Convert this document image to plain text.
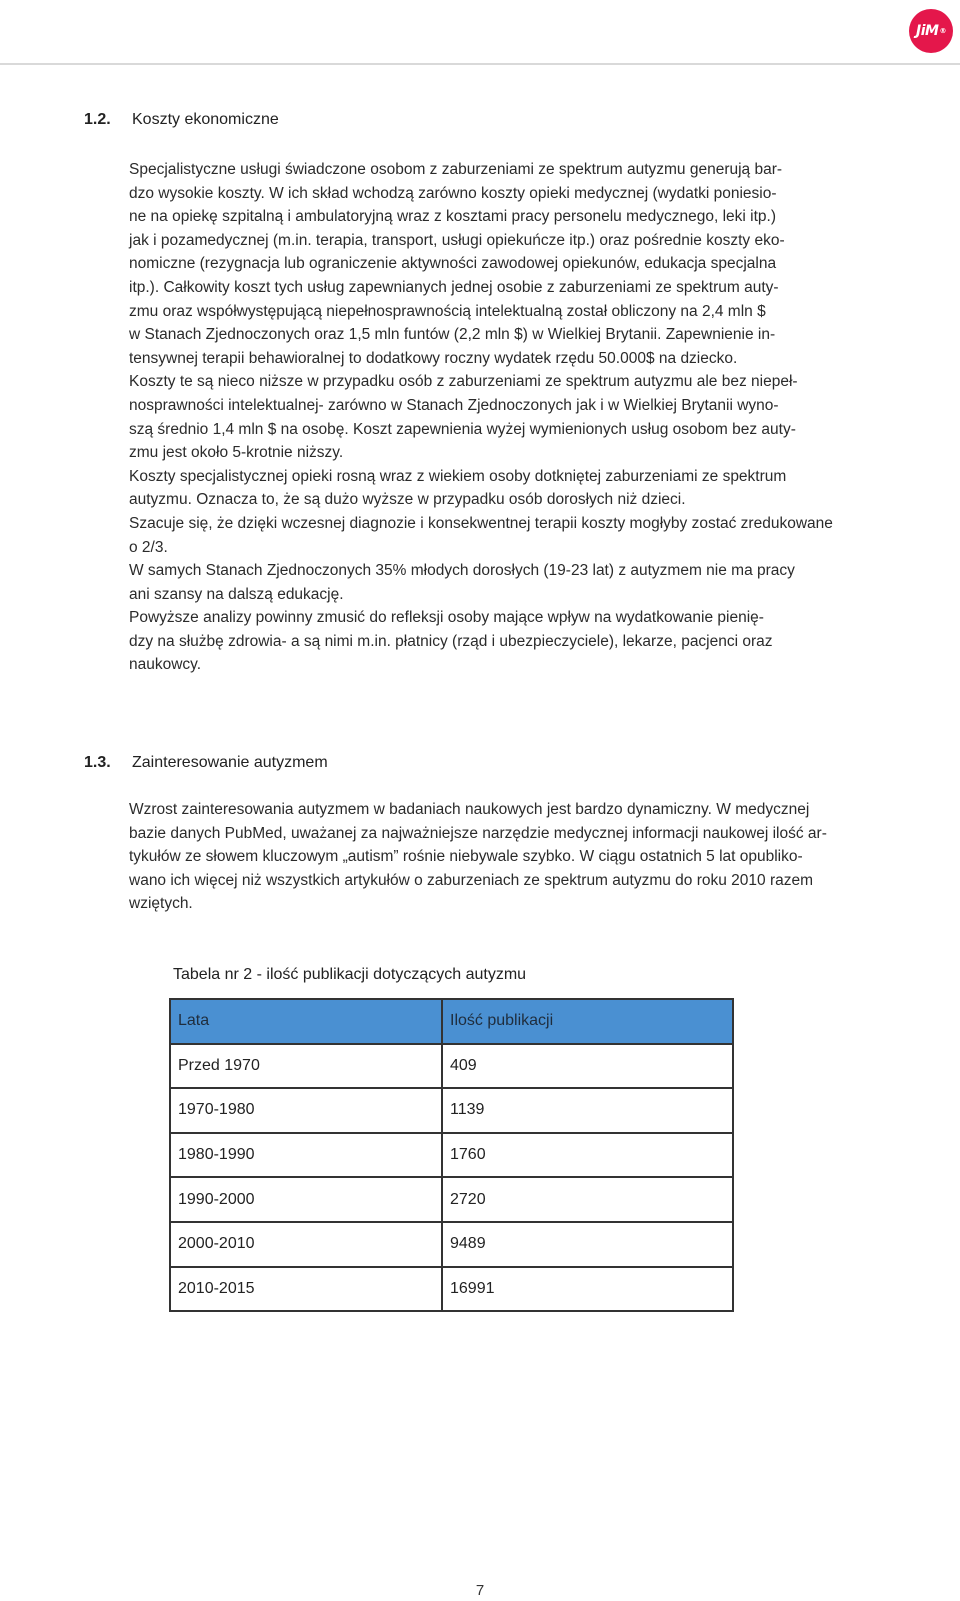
JiM ®
1.2. Koszty ekonomiczne

Specjalistyczne usługi świadczone osobom z zaburzeniami ze spektrum autyzmu generują bar-

dzo wysokie koszty. W ich skład wchodzą zarówno koszty opieki medycznej (wydatki poniesio-

ne na opiekę szpitalną i ambulatoryjną wraz z kosztami pracy personelu medycznego, leki itp.)

jak i pozamedycznej (m.in. terapia, transport, usługi opiekuńcze itp.) oraz pośrednie koszty eko-

nomiczne (rezygnacja lub ograniczenie aktywności zawodowej opiekunów, edukacja specjalna

itp.). Całkowity koszt tych usług zapewnianych jednej osobie z zaburzeniami ze spektrum auty-

zmu oraz współwystępującą niepełnosprawnością intelektualną został obliczony na 2,4 mln $

w Stanach Zjednoczonych oraz 1,5 mln funtów (2,2 mln $) w Wielkiej Brytanii. Zapewnienie in-

tensywnej terapii behawioralnej to dodatkowy roczny wydatek rzędu 50.000$ na dziecko.

Koszty te są nieco niższe w przypadku osób z zaburzeniami ze spektrum autyzmu ale bez niepeł-

nosprawności intelektualnej- zarówno w Stanach Zjednoczonych jak i w Wielkiej Brytanii wyno-

szą średnio 1,4 mln $ na osobę. Koszt zapewnienia wyżej wymienionych usług osobom bez auty-

zmu jest około 5-krotnie niższy.

Koszty specjalistycznej opieki rosną wraz z wiekiem osoby dotkniętej zaburzeniami ze spektrum

autyzmu. Oznacza to, że są dużo wyższe w przypadku osób dorosłych niż dzieci.

Szacuje się, że dzięki wczesnej diagnozie i konsekwentnej terapii koszty mogłyby zostać zredukowane

o 2/3.

W samych Stanach Zjednoczonych 35% młodych dorosłych (19-23 lat) z autyzmem nie ma pracy

ani szansy na dalszą edukację.

Powyższe analizy powinny zmusić do refleksji osoby mające wpływ na wydatkowanie pienię-

dzy na służbę zdrowia- a są nimi m.in. płatnicy (rząd i ubezpieczyciele), lekarze, pacjenci oraz

naukowcy.

1.3. Zainteresowanie autyzmem

Wzrost zainteresowania autyzmem w badaniach naukowych jest bardzo dynamiczny. W medycznej

bazie danych PubMed, uważanej za najważniejsze narzędzie medycznej informacji naukowej ilość ar-

tykułów ze słowem kluczowym „autism” rośnie niebywale szybko. W ciągu ostatnich 5 lat opubliko-

wano ich więcej niż wszystkich artykułów o zaburzeniach ze spektrum autyzmu do roku 2010 razem

wziętych.

Tabela nr 2 - ilość publikacji dotyczących autyzmu
Lata	Ilość publikacji
Przed 1970	409
1970-1980	1139
1980-1990	1760
1990-2000	2720
2000-2010	9489
2010-2015	16991
7
